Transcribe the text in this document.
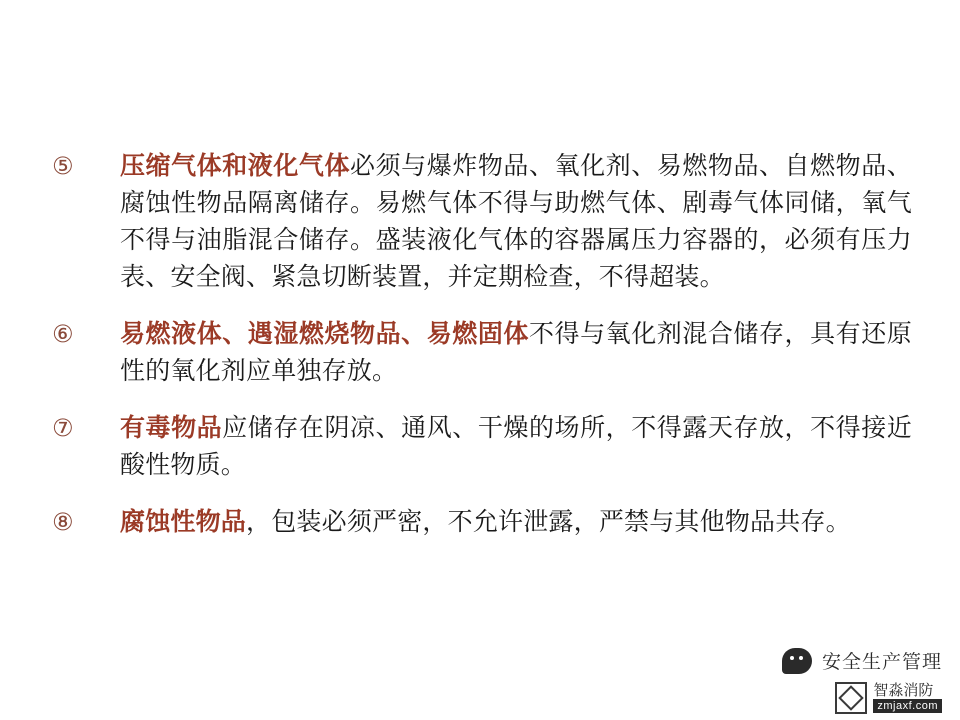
⑤	压缩气体和液化气体必须与爆炸物品、氧化剂、易燃物品、自燃物品、腐蚀性物品隔离储存。易燃气体不得与助燃气体、剧毒气体同储，氧气不得与油脂混合储存。盛装液化气体的容器属压力容器的，必须有压力表、安全阀、紧急切断装置，并定期检查，不得超装。
⑥	易燃液体、遇湿燃烧物品、易燃固体不得与氧化剂混合储存，具有还原性的氧化剂应单独存放。
⑦	有毒物品应储存在阴凉、通风、干燥的场所，不得露天存放，不得接近酸性物质。
⑧	腐蚀性物品，包装必须严密，不允许泄露，严禁与其他物品共存。
安全生产管理
智淼消防
zmjaxf.com
